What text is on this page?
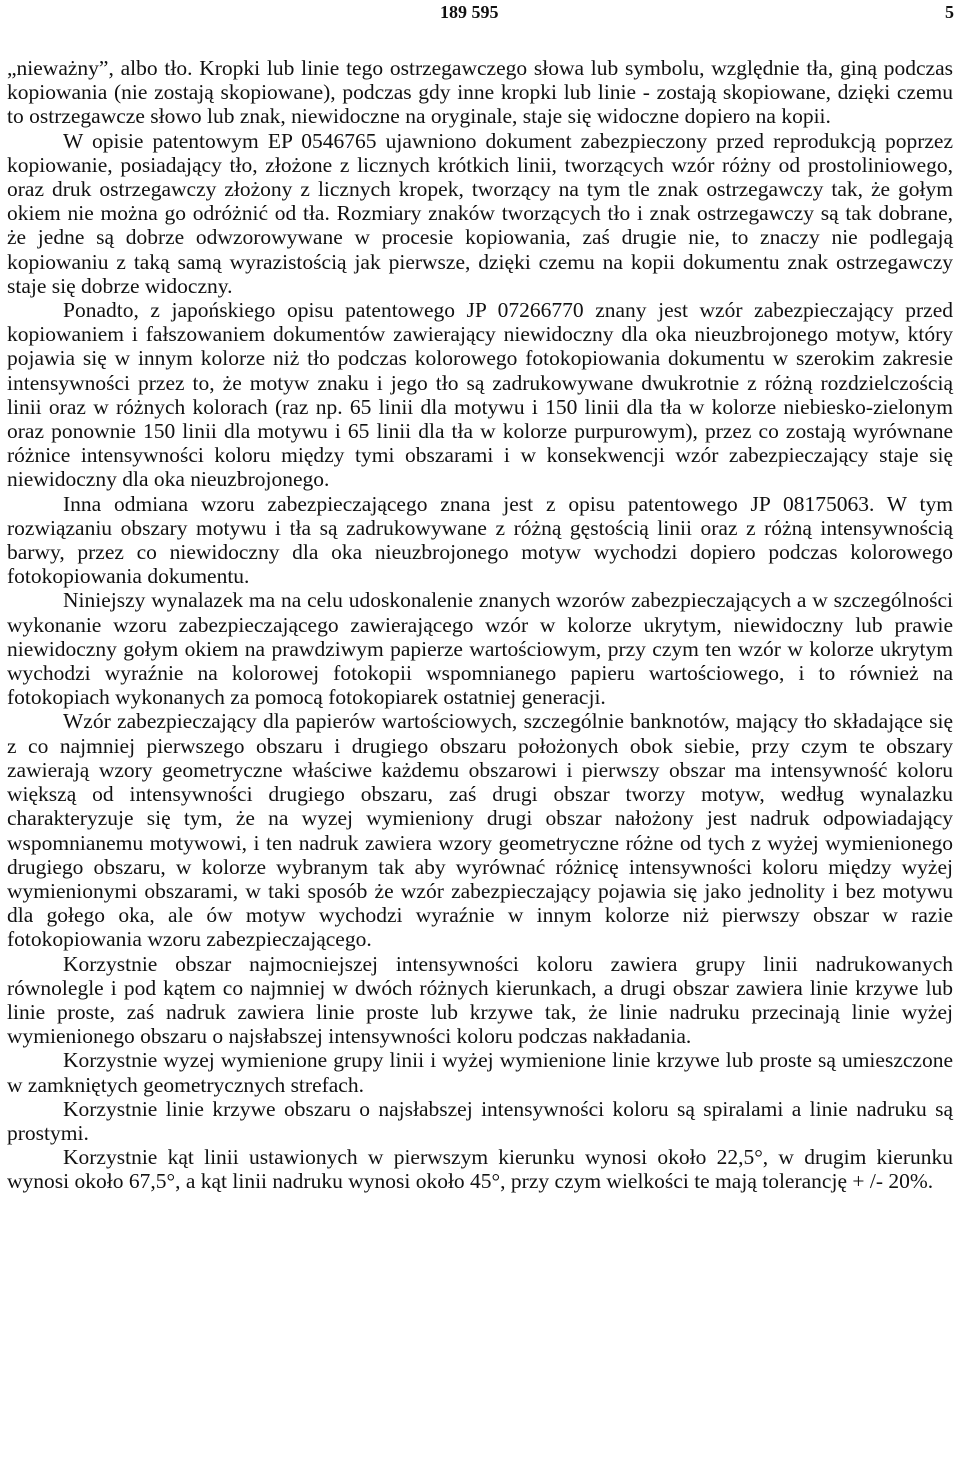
189 595	5

„nieważny”, albo tło. Kropki lub linie tego ostrzegawczego słowa lub symbolu, względnie tła, giną podczas kopiowania (nie zostają skopiowane), podczas gdy inne kropki lub linie - zostają skopiowane, dzięki czemu to ostrzegawcze słowo lub znak, niewidoczne na oryginale, staje się widoczne dopiero na kopii.

W opisie patentowym EP 0546765 ujawniono dokument zabezpieczony przed reprodukcją poprzez kopiowanie, posiadający tło, złożone z licznych krótkich linii, tworzących wzór różny od prostoliniowego, oraz druk ostrzegawczy złożony z licznych kropek, tworzący na tym tle znak ostrzegawczy tak, że gołym okiem nie można go odróżnić od tła. Rozmiary znaków tworzących tło i znak ostrzegawczy są tak dobrane, że jedne są dobrze odwzorowywane w procesie kopiowania, zaś drugie nie, to znaczy nie podlegają kopiowaniu z taką samą wyrazistością jak pierwsze, dzięki czemu na kopii dokumentu znak ostrzegawczy staje się dobrze widoczny.

Ponadto, z japońskiego opisu patentowego JP 07266770 znany jest wzór zabezpieczający przed kopiowaniem i fałszowaniem dokumentów zawierający niewidoczny dla oka nieuzbrojonego motyw, który pojawia się w innym kolorze niż tło podczas kolorowego fotokopiowania dokumentu w szerokim zakresie intensywności przez to, że motyw znaku i jego tło są zadrukowywane dwukrotnie z różną rozdzielczością linii oraz w różnych kolorach (raz np. 65 linii dla motywu i 150 linii dla tła w kolorze niebiesko-zielonym oraz ponownie 150 linii dla motywu i 65 linii dla tła w kolorze purpurowym), przez co zostają wyrównane różnice intensywności koloru między tymi obszarami i w konsekwencji wzór zabezpieczający staje się niewidoczny dla oka nieuzbrojonego.

Inna odmiana wzoru zabezpieczającego znana jest z opisu patentowego JP 08175063. W tym rozwiązaniu obszary motywu i tła są zadrukowywane z różną gęstością linii oraz z różną intensywnością barwy, przez co niewidoczny dla oka nieuzbrojonego motyw wychodzi dopiero podczas kolorowego fotokopiowania dokumentu.

Niniejszy wynalazek ma na celu udoskonalenie znanych wzorów zabezpieczających a w szczególności wykonanie wzoru zabezpieczającego zawierającego wzór w kolorze ukrytym, niewidoczny lub prawie niewidoczny gołym okiem na prawdziwym papierze wartościowym, przy czym ten wzór w kolorze ukrytym wychodzi wyraźnie na kolorowej fotokopii wspomnianego papieru wartościowego, i to również na fotokopiach wykonanych za pomocą fotokopiarek ostatniej generacji.

Wzór zabezpieczający dla papierów wartościowych, szczególnie banknotów, mający tło składające się z co najmniej pierwszego obszaru i drugiego obszaru położonych obok siebie, przy czym te obszary zawierają wzory geometryczne właściwe każdemu obszarowi i pierwszy obszar ma intensywność koloru większą od intensywności drugiego obszaru, zaś drugi obszar tworzy motyw, według wynalazku charakteryzuje się tym, że na wyzej wymieniony drugi obszar nałożony jest nadruk odpowiadający wspomnianemu motywowi, i ten nadruk zawiera wzory geometryczne różne od tych z wyżej wymienionego drugiego obszaru, w kolorze wybranym tak aby wyrównać różnicę intensywności koloru między wyżej wymienionymi obszarami, w taki sposób że wzór zabezpieczający pojawia się jako jednolity i bez motywu dla gołego oka, ale ów motyw wychodzi wyraźnie w innym kolorze niż pierwszy obszar w razie fotokopiowania wzoru zabezpieczającego.

Korzystnie obszar najmocniejszej intensywności koloru zawiera grupy linii nadrukowanych równolegle i pod kątem co najmniej w dwóch różnych kierunkach, a drugi obszar zawiera linie krzywe lub linie proste, zaś nadruk zawiera linie proste lub krzywe tak, że linie nadruku przecinają linie wyżej wymienionego obszaru o najsłabszej intensywności koloru podczas nakładania.

Korzystnie wyzej wymienione grupy linii i wyżej wymienione linie krzywe lub proste są umieszczone w zamkniętych geometrycznych strefach.

Korzystnie linie krzywe obszaru o najsłabszej intensywności koloru są spiralami a linie nadruku są prostymi.

Korzystnie kąt linii ustawionych w pierwszym kierunku wynosi około 22,5°, w drugim kierunku wynosi około 67,5°, a kąt linii nadruku wynosi około 45°, przy czym wielkości te mają tolerancję + /- 20%.
